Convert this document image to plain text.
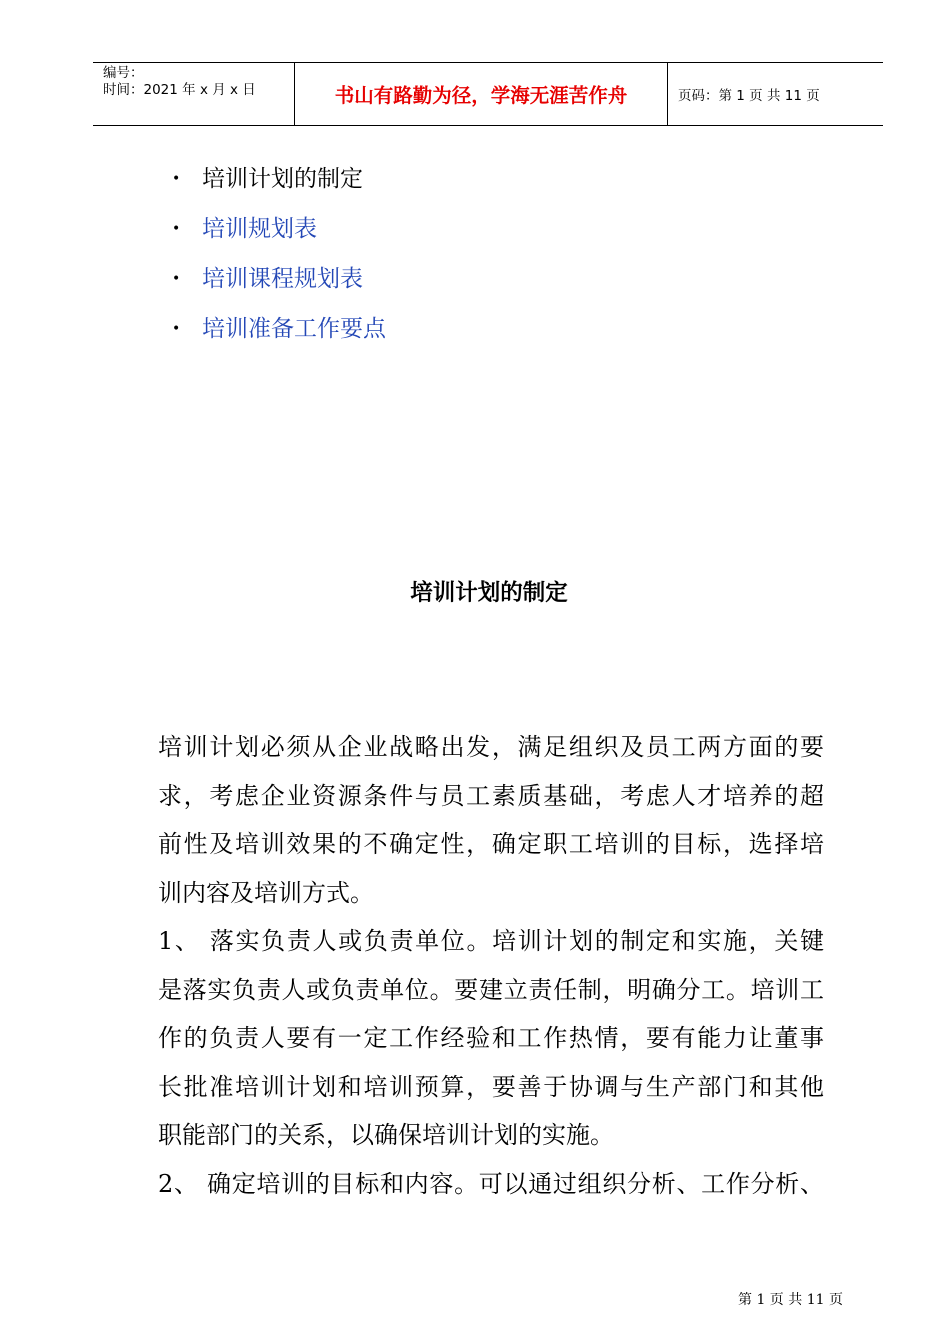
编号：
时间：2021 年 x 月 x 日	书山有路勤为径，学海无涯苦作舟	页码：第 1 页 共 11 页
• 培训计划的制定
• 培训规划表
• 培训课程规划表
• 培训准备工作要点
培训计划的制定

培训计划必须从企业战略出发，满足组织及员工两方面的要

求，考虑企业资源条件与员工素质基础，考虑人才培养的超

前性及培训效果的不确定性，确定职工培训的目标，选择培

训内容及培训方式。

1、 落实负责人或负责单位。培训计划的制定和实施，关键

是落实负责人或负责单位。要建立责任制，明确分工。培训工

作的负责人要有一定工作经验和工作热情，要有能力让董事

长批准培训计划和培训预算，要善于协调与生产部门和其他

职能部门的关系，以确保培训计划的实施。

2、 确定培训的目标和内容。可以通过组织分析、工作分析、

第 1 页 共 11 页
